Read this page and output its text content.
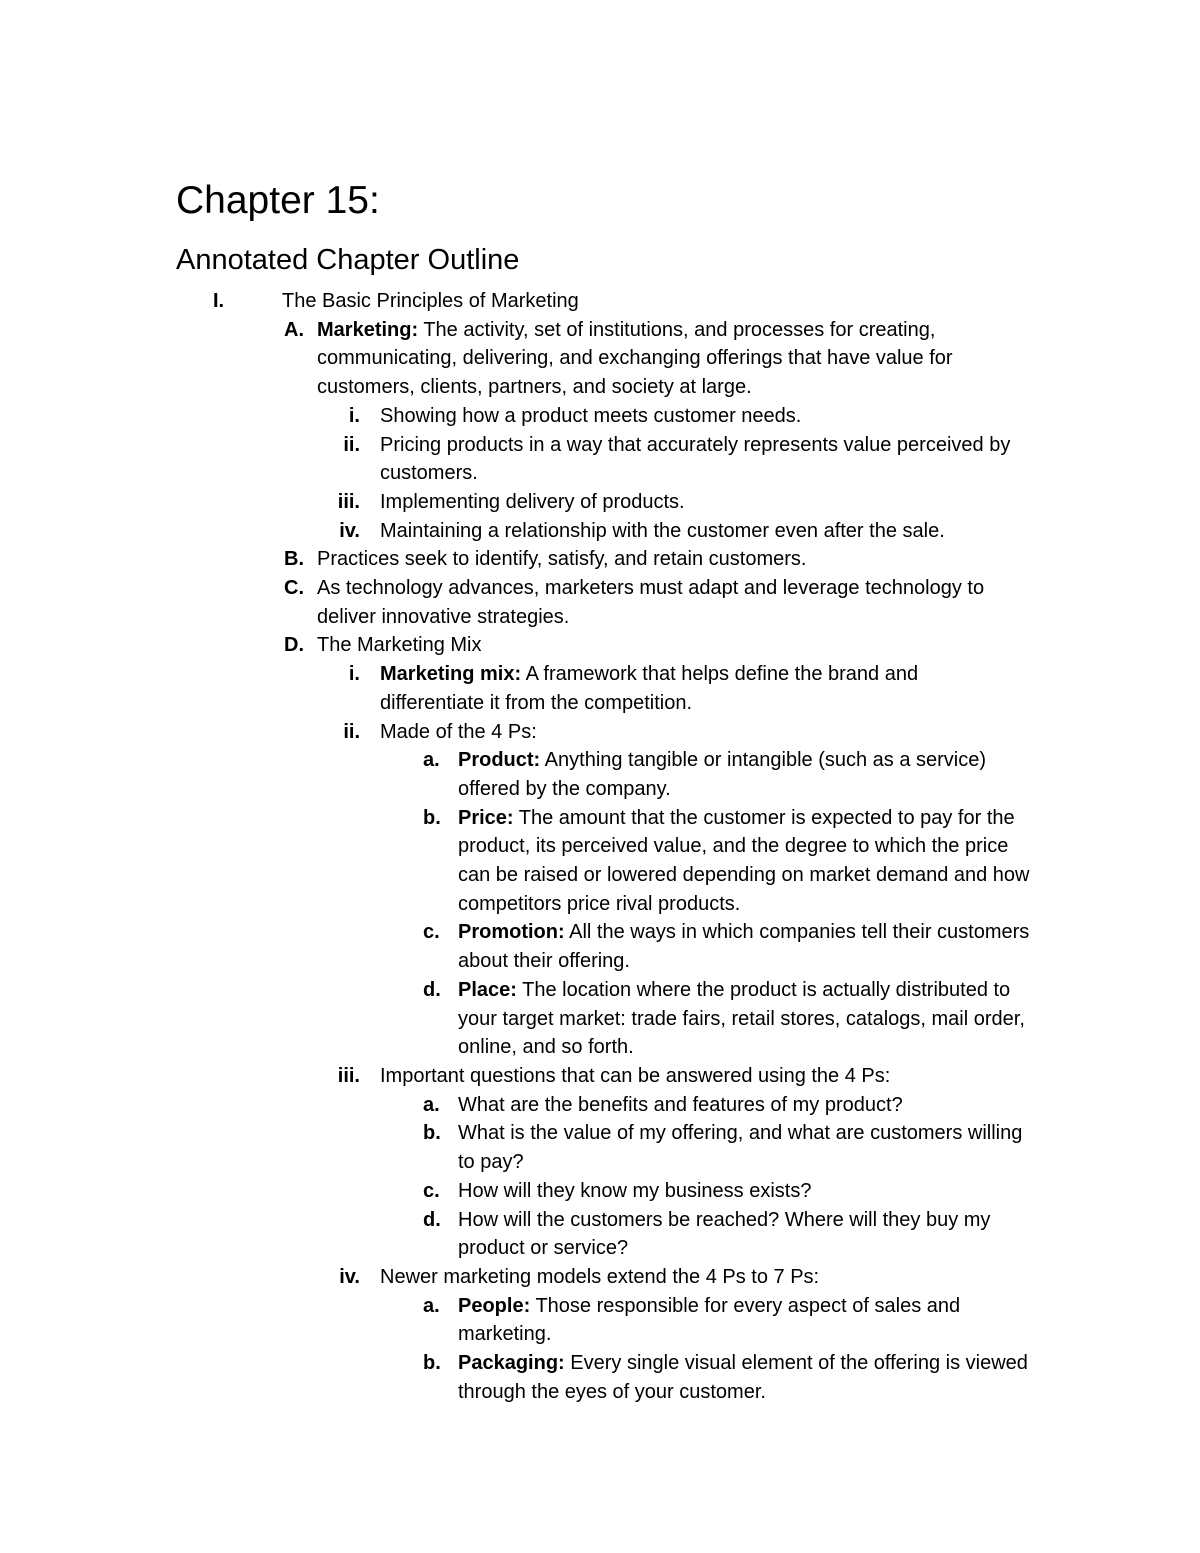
Chapter 15:
Annotated Chapter Outline
I.	The Basic Principles of Marketing
A. Marketing: The activity, set of institutions, and processes for creating, communicating, delivering, and exchanging offerings that have value for customers, clients, partners, and society at large.
i. Showing how a product meets customer needs.
ii. Pricing products in a way that accurately represents value perceived by customers.
iii. Implementing delivery of products.
iv. Maintaining a relationship with the customer even after the sale.
B. Practices seek to identify, satisfy, and retain customers.
C. As technology advances, marketers must adapt and leverage technology to deliver innovative strategies.
D. The Marketing Mix
i. Marketing mix: A framework that helps define the brand and differentiate it from the competition.
ii. Made of the 4 Ps:
a. Product: Anything tangible or intangible (such as a service) offered by the company.
b. Price: The amount that the customer is expected to pay for the product, its perceived value, and the degree to which the price can be raised or lowered depending on market demand and how competitors price rival products.
c. Promotion: All the ways in which companies tell their customers about their offering.
d. Place: The location where the product is actually distributed to your target market: trade fairs, retail stores, catalogs, mail order, online, and so forth.
iii. Important questions that can be answered using the 4 Ps:
a. What are the benefits and features of my product?
b. What is the value of my offering, and what are customers willing to pay?
c. How will they know my business exists?
d. How will the customers be reached? Where will they buy my product or service?
iv. Newer marketing models extend the 4 Ps to 7 Ps:
a. People: Those responsible for every aspect of sales and marketing.
b. Packaging: Every single visual element of the offering is viewed through the eyes of your customer.
